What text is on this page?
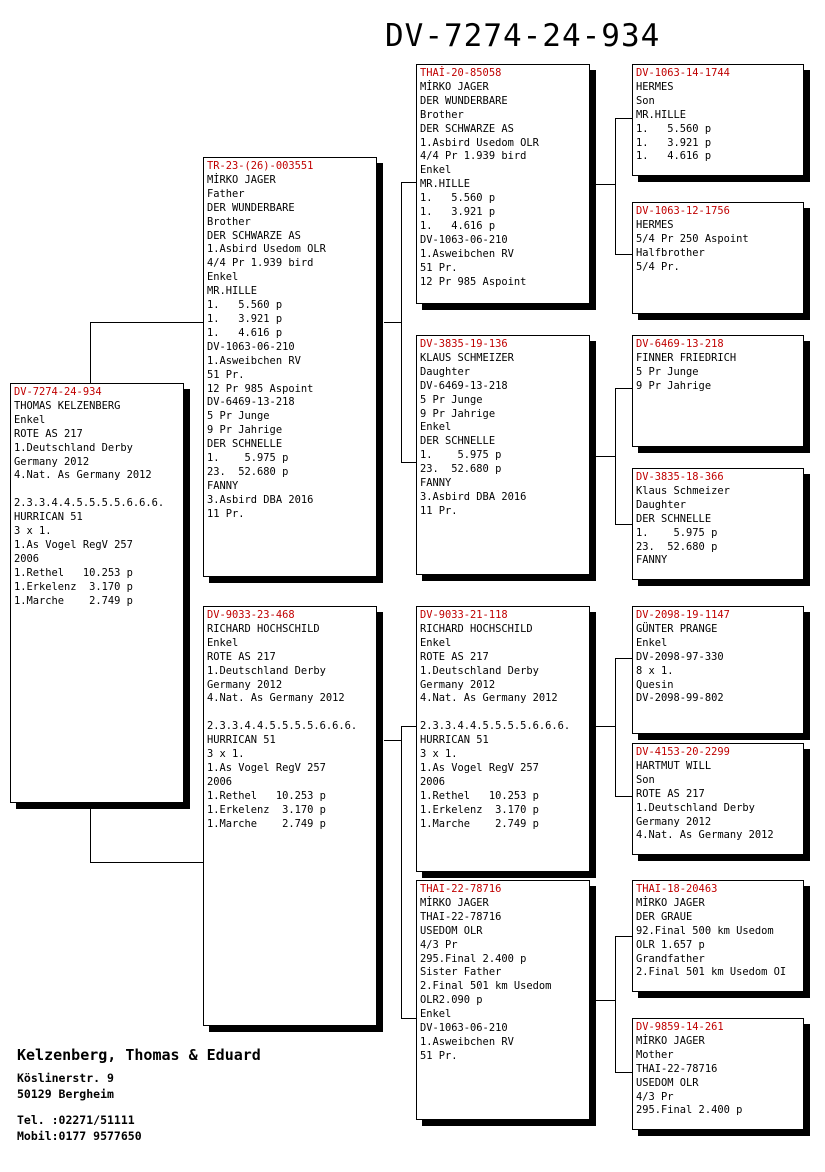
DV-7274-24-934
DV-7274-24-934
THOMAS KELZENBERG
Enkel
ROTE AS 217
1.Deutschland Derby
Germany 2012
4.Nat. As Germany 2012

2.3.3.4.4.5.5.5.5.6.6.6.
HURRICAN 51
3 x 1.
1.As Vogel RegV 257
2006
1.Rethel   10.253 p
1.Erkelenz  3.170 p
1.Marche    2.749 p
TR-23-(26)-003551
MİRKO JAGER
Father
DER WUNDERBARE
Brother
DER SCHWARZE AS
1.Asbird Usedom OLR
4/4 Pr 1.939 bird
Enkel
MR.HILLE
1.   5.560 p
1.   3.921 p
1.   4.616 p
DV-1063-06-210
1.Asweibchen RV
51 Pr.
12 Pr 985 Aspoint
DV-6469-13-218
5 Pr Junge
9 Pr Jahrige
DER SCHNELLE
1.    5.975 p
23.  52.680 p
FANNY
3.Asbird DBA 2016
11 Pr.
DV-9033-23-468
RICHARD HOCHSCHILD
Enkel
ROTE AS 217
1.Deutschland Derby
Germany 2012
4.Nat. As Germany 2012

2.3.3.4.4.5.5.5.5.6.6.6.
HURRICAN 51
3 x 1.
1.As Vogel RegV 257
2006
1.Rethel   10.253 p
1.Erkelenz  3.170 p
1.Marche    2.749 p
THAİ-20-85058
MİRKO JAGER
DER WUNDERBARE
Brother
DER SCHWARZE AS
1.Asbird Usedom OLR
4/4 Pr 1.939 bird
Enkel
MR.HILLE
1.   5.560 p
1.   3.921 p
1.   4.616 p
DV-1063-06-210
1.Asweibchen RV
51 Pr.
12 Pr 985 Aspoint
DV-3835-19-136
KLAUS SCHMEIZER
Daughter
DV-6469-13-218
5 Pr Junge
9 Pr Jahrige
Enkel
DER SCHNELLE
1.    5.975 p
23.  52.680 p
FANNY
3.Asbird DBA 2016
11 Pr.
DV-9033-21-118
RICHARD HOCHSCHILD
Enkel
ROTE AS 217
1.Deutschland Derby
Germany 2012
4.Nat. As Germany 2012

2.3.3.4.4.5.5.5.5.6.6.6.
HURRICAN 51
3 x 1.
1.As Vogel RegV 257
2006
1.Rethel   10.253 p
1.Erkelenz  3.170 p
1.Marche    2.749 p
THAI-22-78716
MİRKO JAGER
THAI-22-78716
USEDOM OLR
4/3 Pr
295.Final 2.400 p
Sister Father
2.Final 501 km Usedom
OLR2.090 p
Enkel
DV-1063-06-210
1.Asweibchen RV
51 Pr.
DV-1063-14-1744
HERMES
Son
MR.HILLE
1.   5.560 p
1.   3.921 p
1.   4.616 p
DV-1063-12-1756
HERMES
5/4 Pr 250 Aspoint
Halfbrother
5/4 Pr.
DV-6469-13-218
FINNER FRIEDRICH
5 Pr Junge
9 Pr Jahrige
DV-3835-18-366
Klaus Schmeizer
Daughter
DER SCHNELLE
1.    5.975 p
23.  52.680 p
FANNY
DV-2098-19-1147
GÜNTER PRANGE
Enkel
DV-2098-97-330
8 x 1.
Quesin
DV-2098-99-802
DV-4153-20-2299
HARTMUT WILL
Son
ROTE AS 217
1.Deutschland Derby
Germany 2012
4.Nat. As Germany 2012
THAI-18-20463
MİRKO JAGER
DER GRAUE
92.Final 500 km Usedom
OLR 1.657 p
Grandfather
2.Final 501 km Usedom OI
DV-9859-14-261
MİRKO JAGER
Mother
THAI-22-78716
USEDOM OLR
4/3 Pr
295.Final 2.400 p
Kelzenberg, Thomas & Eduard
Köslinerstr. 9
50129 Bergheim
Tel. :02271/51111
Mobil:0177 9577650
